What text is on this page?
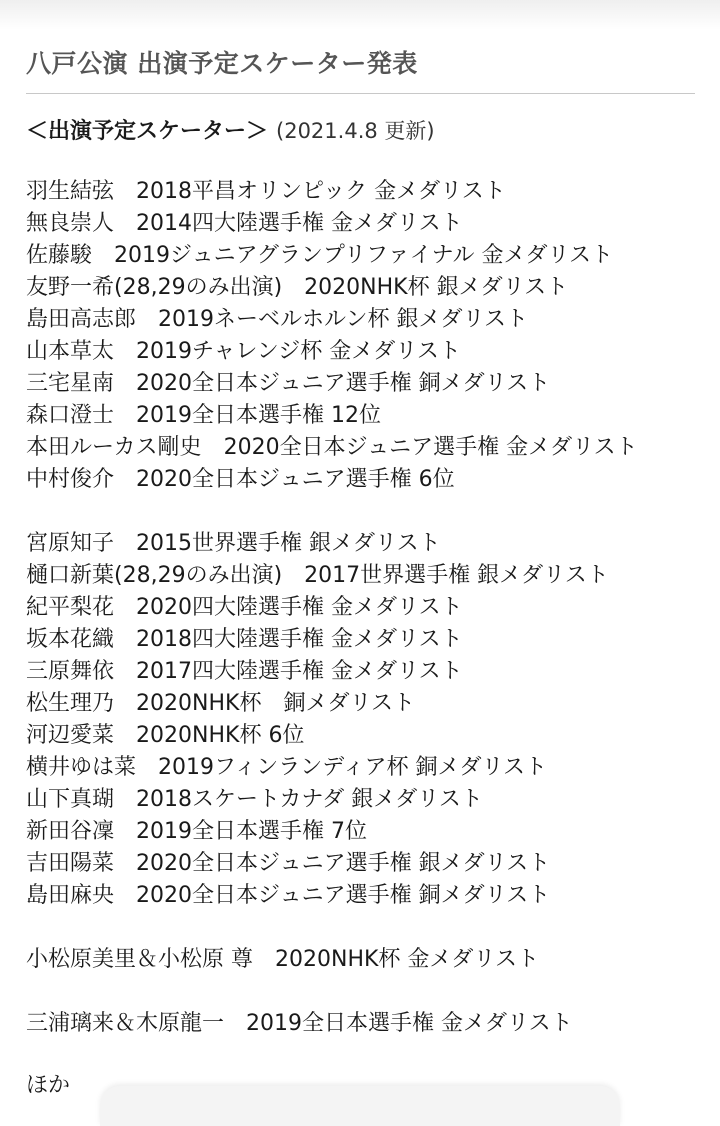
八戸公演 出演予定スケーター発表
＜出演予定スケーター＞ (2021.4.8 更新)
羽生結弦　 2018平昌オリンピック 金メダリスト
無良崇人　 2014四大陸選手権 金メダリスト
佐藤駿　 2019ジュニアグランプリファイナル 金メダリスト
友野一希(28,29のみ出演)　 2020NHK杯 銀メダリスト
島田高志郎　 2019ネーベルホルン杯 銀メダリスト
山本草太　 2019チャレンジ杯 金メダリスト
三宅星南　 2020全日本ジュニア選手権 銅メダリスト
森口澄士　 2019全日本選手権 12位
本田ルーカス剛史　 2020全日本ジュニア選手権 金メダリスト
中村俊介　 2020全日本ジュニア選手権 6位
宮原知子　 2015世界選手権 銀メダリスト
樋口新葉(28,29のみ出演)　 2017世界選手権 銀メダリスト
紀平梨花　 2020四大陸選手権 金メダリスト
坂本花織　 2018四大陸選手権 金メダリスト
三原舞依　 2017四大陸選手権 金メダリスト
松生理乃　 2020NHK杯　銅メダリスト
河辺愛菜　 2020NHK杯 6位
横井ゆは菜　 2019フィンランディア杯 銅メダリスト
山下真瑚　 2018スケートカナダ 銀メダリスト
新田谷凜　 2019全日本選手権 7位
吉田陽菜　 2020全日本ジュニア選手権 銀メダリスト
島田麻央　 2020全日本ジュニア選手権 銅メダリスト
小松原美里＆小松原 尊　 2020NHK杯 金メダリスト
三浦璃来＆木原龍一　 2019全日本選手権 金メダリスト
ほか
